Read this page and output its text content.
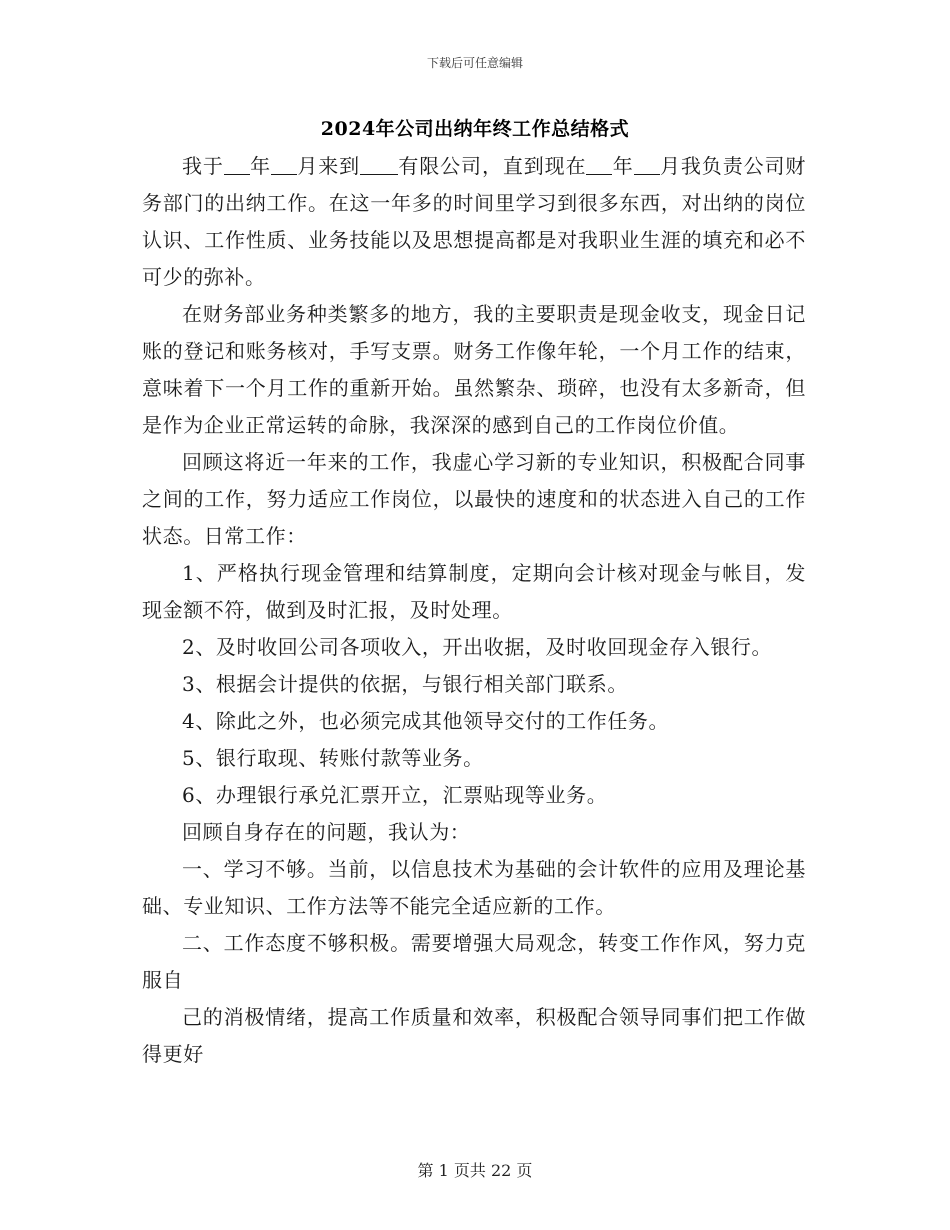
下载后可任意编辑
2024年公司出纳年终工作总结格式

我于 年 月来到 有限公司，直到现在 年 月我负责公司财务部门的出纳工作。在这一年多的时间里学习到很多东西，对出纳的岗位认识、工作性质、业务技能以及思想提高都是对我职业生涯的填充和必不可少的弥补。

在财务部业务种类繁多的地方，我的主要职责是现金收支，现金日记账的登记和账务核对，手写支票。财务工作像年轮，一个月工作的结束，意味着下一个月工作的重新开始。虽然繁杂、琐碎，也没有太多新奇，但是作为企业正常运转的命脉，我深深的感到自己的工作岗位价值。

回顾这将近一年来的工作，我虚心学习新的专业知识，积极配合同事之间的工作，努力适应工作岗位，以最快的速度和的状态进入自己的工作状态。日常工作：

1、严格执行现金管理和结算制度，定期向会计核对现金与帐目，发现金额不符，做到及时汇报，及时处理。

2、及时收回公司各项收入，开出收据，及时收回现金存入银行。

3、根据会计提供的依据，与银行相关部门联系。

4、除此之外，也必须完成其他领导交付的工作任务。

5、银行取现、转账付款等业务。

6、办理银行承兑汇票开立，汇票贴现等业务。

回顾自身存在的问题，我认为：

一、学习不够。当前，以信息技术为基础的会计软件的应用及理论基础、专业知识、工作方法等不能完全适应新的工作。

二、工作态度不够积极。需要增强大局观念，转变工作作风，努力克服自

己的消极情绪，提高工作质量和效率，积极配合领导同事们把工作做得更好

第 1 页共 22 页
